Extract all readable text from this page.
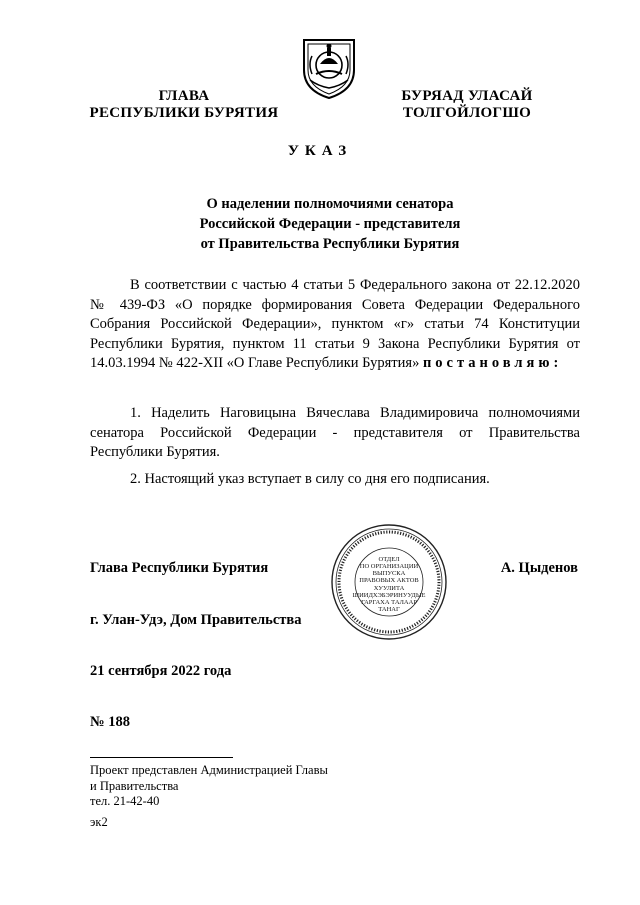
ГЛАВА
РЕСПУБЛИКИ БУРЯТИЯ
БУРЯАД УЛАСАЙ
ТОЛГОЙЛОГШО
УКАЗ
О наделении полномочиями сенатора
Российской Федерации - представителя
от Правительства Республики Бурятия
В соответствии с частью 4 статьи 5 Федерального закона от 22.12.2020 № 439-ФЗ «О порядке формирования Совета Федерации Федерального Собрания Российской Федерации», пунктом «г» статьи 74 Конституции Республики Бурятия, пунктом 11 статьи 9 Закона Республики Бурятия от 14.03.1994 № 422-XII «О Главе Республики Бурятия» постановляю:
1. Наделить Наговицына Вячеслава Владимировича полномочиями сенатора Российской Федерации - представителя от Правительства Республики Бурятия.
2. Настоящий указ вступает в силу со дня его подписания.
ОТДЕЛ
ПО ОРГАНИЗАЦИИ
ВЫПУСКА
ПРАВОВЫХ АКТОВ
ХУУЛИТА
ШИИДХЭБЭРИНУУДЫЕ
ГАРГАХА ТАЛААР
ТАНАГ
Глава Республики Бурятия	А. Цыденов
г. Улан-Удэ, Дом Правительства
21 сентября 2022 года
№ 188
Проект представлен Администрацией Главы
и Правительства
тел. 21-42-40
эк2
